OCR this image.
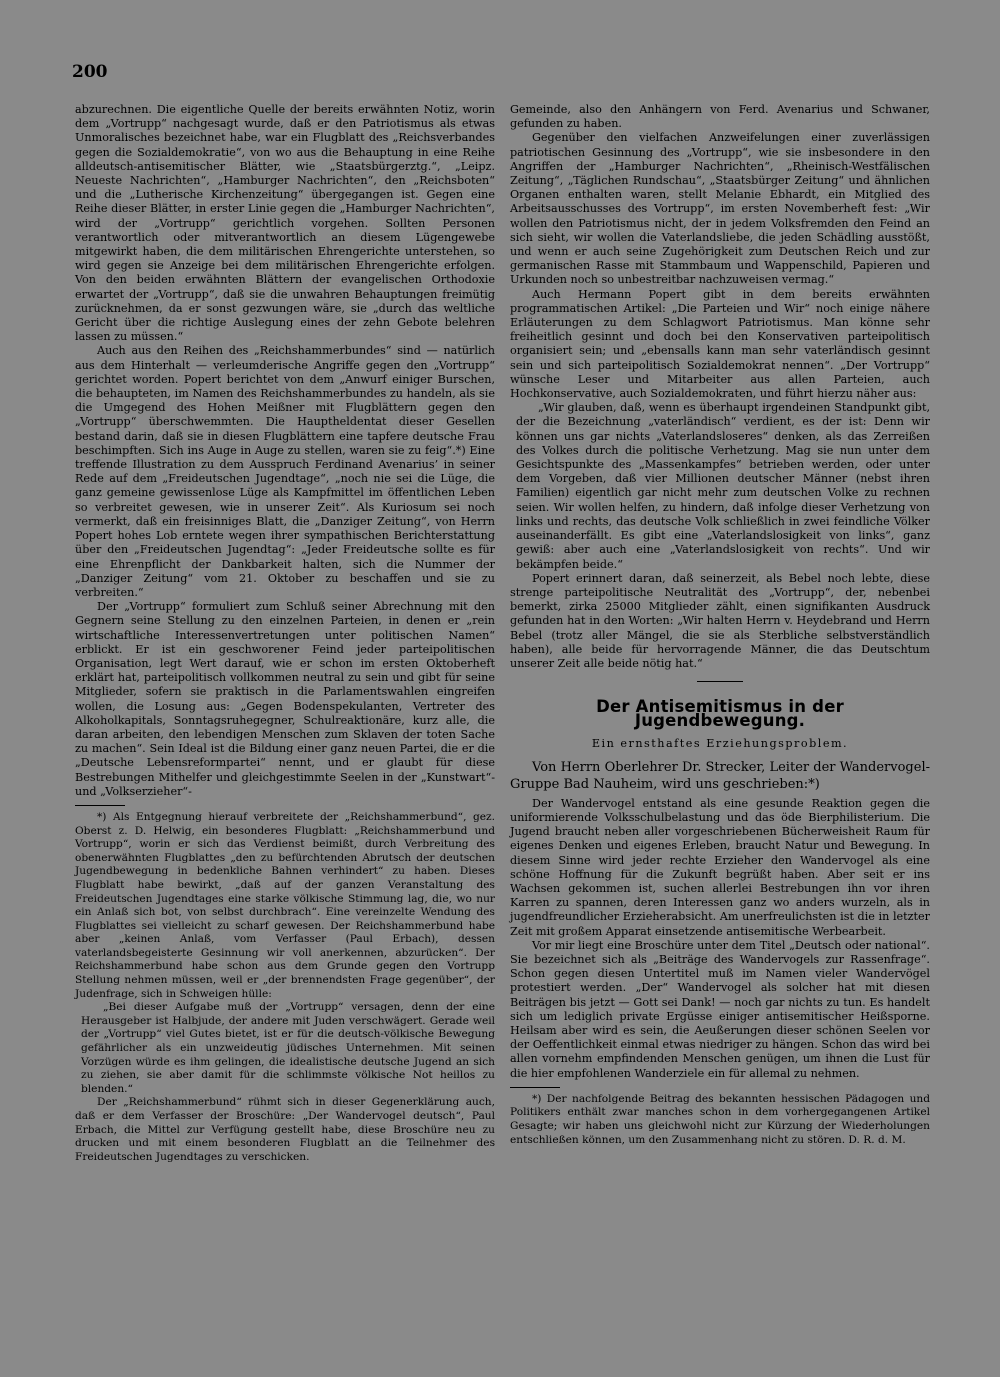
200

abzurechnen. Die eigentliche Quelle der bereits erwähnten Notiz, worin dem „Vortrupp“ nachgesagt wurde, daß er den Patriotismus als etwas Unmoralisches bezeichnet habe, war ein Flugblatt des „Reichsverbandes gegen die Sozialdemokratie“, von wo aus die Behauptung in eine Reihe alldeutsch-antisemitischer Blätter, wie „Staatsbürgerztg.“, „Leipz. Neueste Nachrichten“, „Hamburger Nachrichten“, den „Reichsboten“ und die „Lutherische Kirchenzeitung“ übergegangen ist. Gegen eine Reihe dieser Blätter, in erster Linie gegen die „Hamburger Nachrichten“, wird der „Vortrupp“ gerichtlich vorgehen. Sollten Personen verantwortlich oder mitverantwortlich an diesem Lügengewebe mitgewirkt haben, die dem militärischen Ehrengerichte unterstehen, so wird gegen sie Anzeige bei dem militärischen Ehrengerichte erfolgen. Von den beiden erwähnten Blättern der evangelischen Orthodoxie erwartet der „Vortrupp“, daß sie die unwahren Behauptungen freimütig zurücknehmen, da er sonst gezwungen wäre, sie „durch das weltliche Gericht über die richtige Auslegung eines der zehn Gebote belehren lassen zu müssen.“

Auch aus den Reihen des „Reichshammerbundes“ sind — natürlich aus dem Hinterhalt — verleumderische Angriffe gegen den „Vortrupp“ gerichtet worden. Popert berichtet von dem „Anwurf einiger Burschen, die behaupteten, im Namen des Reichshammerbundes zu handeln, als sie die Umgegend des Hohen Meißner mit Flugblättern gegen den „Vortrupp“ überschwemmten. Die Hauptheldentat dieser Gesellen bestand darin, daß sie in diesen Flugblättern eine tapfere deutsche Frau beschimpften. Sich ins Auge in Auge zu stellen, waren sie zu feig“.*) Eine treffende Illustration zu dem Ausspruch Ferdinand Avenarius’ in seiner Rede auf dem „Freideutschen Jugendtage“, „noch nie sei die Lüge, die ganz gemeine gewissenlose Lüge als Kampfmittel im öffentlichen Leben so verbreitet gewesen, wie in unserer Zeit“. Als Kuriosum sei noch vermerkt, daß ein freisinniges Blatt, die „Danziger Zeitung“, von Herrn Popert hohes Lob erntete wegen ihrer sympathischen Berichterstattung über den „Freideutschen Jugendtag“: „Jeder Freideutsche sollte es für eine Ehrenpflicht der Dankbarkeit halten, sich die Nummer der „Danziger Zeitung“ vom 21. Oktober zu beschaffen und sie zu verbreiten.“

Der „Vortrupp“ formuliert zum Schluß seiner Abrechnung mit den Gegnern seine Stellung zu den einzelnen Parteien, in denen er „rein wirtschaftliche Interessenvertretungen unter politischen Namen“ erblickt. Er ist ein geschworener Feind jeder parteipolitischen Organisation, legt Wert darauf, wie er schon im ersten Oktoberheft erklärt hat, parteipolitisch vollkommen neutral zu sein und gibt für seine Mitglieder, sofern sie praktisch in die Parlamentswahlen eingreifen wollen, die Losung aus: „Gegen Bodenspekulanten, Vertreter des Alkoholkapitals, Sonntagsruhegegner, Schulreaktionäre, kurz alle, die daran arbeiten, den lebendigen Menschen zum Sklaven der toten Sache zu machen“. Sein Ideal ist die Bildung einer ganz neuen Partei, die er die „Deutsche Lebensreformpartei“ nennt, und er glaubt für diese Bestrebungen Mithelfer und gleichgestimmte Seelen in der „Kunstwart“- und „Volkserzieher“-

*) Als Entgegnung hierauf verbreitete der „Reichshammerbund“, gez. Oberst z. D. Helwig, ein besonderes Flugblatt: „Reichshammerbund und Vortrupp“, worin er sich das Verdienst beimißt, durch Verbreitung des obenerwähnten Flugblattes „den zu befürchtenden Abrutsch der deutschen Jugendbewegung in bedenkliche Bahnen verhindert“ zu haben. Dieses Flugblatt habe bewirkt, „daß auf der ganzen Veranstaltung des Freideutschen Jugendtages eine starke völkische Stimmung lag, die, wo nur ein Anlaß sich bot, von selbst durchbrach“. Eine vereinzelte Wendung des Flugblattes sei vielleicht zu scharf gewesen. Der Reichshammerbund habe aber „keinen Anlaß, vom Verfasser (Paul Erbach), dessen vaterlandsbegeisterte Gesinnung wir voll anerkennen, abzurücken“. Der Reichshammerbund habe schon aus dem Grunde gegen den Vortrupp Stellung nehmen müssen, weil er „der brennendsten Frage gegenüber“, der Judenfrage, sich in Schweigen hülle:

„Bei dieser Aufgabe muß der „Vortrupp“ versagen, denn der eine Herausgeber ist Halbjude, der andere mit Juden verschwägert. Gerade weil der „Vortrupp“ viel Gutes bietet, ist er für die deutsch-völkische Bewegung gefährlicher als ein unzweideutig jüdisches Unternehmen. Mit seinen Vorzügen würde es ihm gelingen, die idealistische deutsche Jugend an sich zu ziehen, sie aber damit für die schlimmste völkische Not heillos zu blenden.“

Der „Reichshammerbund“ rühmt sich in dieser Gegenerklärung auch, daß er dem Verfasser der Broschüre: „Der Wandervogel deutsch“, Paul Erbach, die Mittel zur Verfügung gestellt habe, diese Broschüre neu zu drucken und mit einem besonderen Flugblatt an die Teilnehmer des Freideutschen Jugendtages zu verschicken.

Gemeinde, also den Anhängern von Ferd. Avenarius und Schwaner, gefunden zu haben.

Gegenüber den vielfachen Anzweifelungen einer zuverlässigen patriotischen Gesinnung des „Vortrupp“, wie sie insbesondere in den Angriffen der „Hamburger Nachrichten“, „Rheinisch-Westfälischen Zeitung“, „Täglichen Rundschau“, „Staatsbürger Zeitung“ und ähnlichen Organen enthalten waren, stellt Melanie Ebhardt, ein Mitglied des Arbeitsausschusses des Vortrupp“, im ersten Novemberheft fest: „Wir wollen den Patriotismus nicht, der in jedem Volksfremden den Feind an sich sieht, wir wollen die Vaterlandsliebe, die jeden Schädling ausstößt, und wenn er auch seine Zugehörigkeit zum Deutschen Reich und zur germanischen Rasse mit Stammbaum und Wappenschild, Papieren und Urkunden noch so unbestreitbar nachzuweisen vermag.“

Auch Hermann Popert gibt in dem bereits erwähnten programmatischen Artikel: „Die Parteien und Wir“ noch einige nähere Erläuterungen zu dem Schlagwort Patriotismus. Man könne sehr freiheitlich gesinnt und doch bei den Konservativen parteipolitisch organisiert sein; und „ebensalls kann man sehr vaterländisch gesinnt sein und sich parteipolitisch Sozialdemokrat nennen“. „Der Vortrupp“ wünsche Leser und Mitarbeiter aus allen Parteien, auch Hochkonservative, auch Sozialdemokraten, und führt hierzu näher aus:

„Wir glauben, daß, wenn es überhaupt irgendeinen Standpunkt gibt, der die Bezeichnung „vaterländisch“ verdient, es der ist: Denn wir können uns gar nichts „Vaterlandsloseres“ denken, als das Zerreißen des Volkes durch die politische Verhetzung. Mag sie nun unter dem Gesichtspunkte des „Massenkampfes“ betrieben werden, oder unter dem Vorgeben, daß vier Millionen deutscher Männer (nebst ihren Familien) eigentlich gar nicht mehr zum deutschen Volke zu rechnen seien. Wir wollen helfen, zu hindern, daß infolge dieser Verhetzung von links und rechts, das deutsche Volk schließlich in zwei feindliche Völker auseinanderfällt. Es gibt eine „Vaterlandslosigkeit von links“, ganz gewiß: aber auch eine „Vaterlandslosigkeit von rechts“. Und wir bekämpfen beide.“

Popert erinnert daran, daß seinerzeit, als Bebel noch lebte, diese strenge parteipolitische Neutralität des „Vortrupp“, der, nebenbei bemerkt, zirka 25000 Mitglieder zählt, einen signifikanten Ausdruck gefunden hat in den Worten: „Wir halten Herrn v. Heydebrand und Herrn Bebel (trotz aller Mängel, die sie als Sterbliche selbstverständlich haben), alle beide für hervorragende Männer, die das Deutschtum unserer Zeit alle beide nötig hat.“

Der Antisemitismus in der Jugendbewegung.
Ein ernsthaftes Erziehungsproblem.

Von Herrn Oberlehrer Dr. Strecker, Leiter der Wandervogel-Gruppe Bad Nauheim, wird uns geschrieben:*)

Der Wandervogel entstand als eine gesunde Reaktion gegen die uniformierende Volksschulbelastung und das öde Bierphilisterium. Die Jugend braucht neben aller vorgeschriebenen Bücherweisheit Raum für eigenes Denken und eigenes Erleben, braucht Natur und Bewegung. In diesem Sinne wird jeder rechte Erzieher den Wandervogel als eine schöne Hoffnung für die Zukunft begrüßt haben. Aber seit er ins Wachsen gekommen ist, suchen allerlei Bestrebungen ihn vor ihren Karren zu spannen, deren Interessen ganz wo anders wurzeln, als in jugendfreundlicher Erzieherabsicht. Am unerfreulichsten ist die in letzter Zeit mit großem Apparat einsetzende antisemitische Werbearbeit.

Vor mir liegt eine Broschüre unter dem Titel „Deutsch oder national“. Sie bezeichnet sich als „Beiträge des Wandervogels zur Rassenfrage“. Schon gegen diesen Untertitel muß im Namen vieler Wandervögel protestiert werden. „Der“ Wandervogel als solcher hat mit diesen Beiträgen bis jetzt — Gott sei Dank! — noch gar nichts zu tun. Es handelt sich um lediglich private Ergüsse einiger antisemitischer Heißsporne. Heilsam aber wird es sein, die Aeußerungen dieser schönen Seelen vor der Oeffentlichkeit einmal etwas niedriger zu hängen. Schon das wird bei allen vornehm empfindenden Menschen genügen, um ihnen die Lust für die hier empfohlenen Wanderziele ein für allemal zu nehmen.

*) Der nachfolgende Beitrag des bekannten hessischen Pädagogen und Politikers enthält zwar manches schon in dem vorhergegangenen Artikel Gesagte; wir haben uns gleichwohl nicht zur Kürzung der Wiederholungen entschließen können, um den Zusammenhang nicht zu stören. D. R. d. M.
